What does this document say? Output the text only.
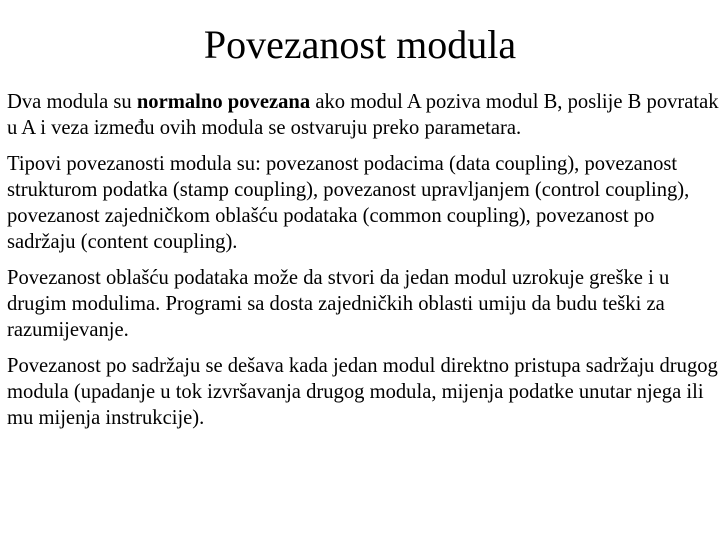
Povezanost modula

Dva modula su normalno povezana ako modul A poziva modul B, poslije B povratak u A i veza između ovih modula se ostvaruju preko parametara.

Tipovi povezanosti modula su: povezanost podacima (data coupling), povezanost strukturom podatka (stamp coupling), povezanost upravljanjem (control coupling), povezanost zajedničkom oblašću podataka (common coupling), povezanost po sadržaju (content coupling).

Povezanost oblašću podataka može da stvori da jedan modul uzrokuje greške i u drugim modulima. Programi sa dosta zajedničkih oblasti umiju da budu teški za razumijevanje.

Povezanost po sadržaju se dešava kada jedan modul direktno pristupa sadržaju drugog modula (upadanje u tok izvršavanja drugog modula, mijenja podatke unutar njega ili mu mijenja instrukcije).
